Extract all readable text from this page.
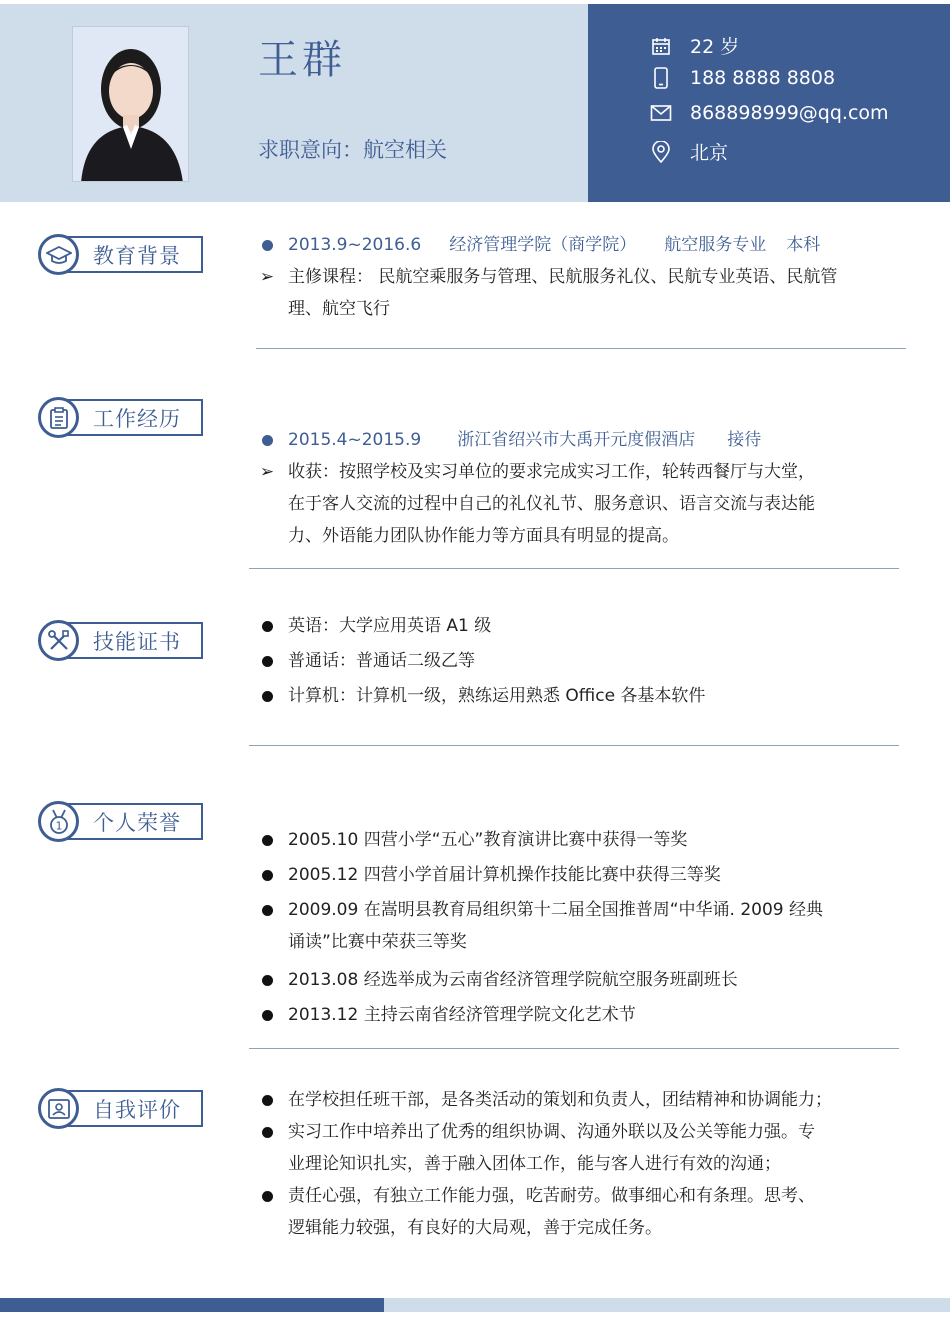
王群
求职意向：航空相关
22 岁
188 8888 8808
868898999@qq.com
北京
教育背景	2013.9~2016.6 经济管理学院（商学院） 航空服务专业 本科
➢ 主修课程： 民航空乘服务与管理、民航服务礼仪、民航专业英语、民航管
理、航空飞行
工作经历
2015.4~2015.9 浙江省绍兴市大禹开元度假酒店 接待
➢ 收获：按照学校及实习单位的要求完成实习工作，轮转西餐厅与大堂，
在于客人交流的过程中自己的礼仪礼节、服务意识、语言交流与表达能
力、外语能力团队协作能力等方面具有明显的提高。
技能证书
英语：大学应用英语 A1 级
普通话：普通话二级乙等
计算机：计算机一级，熟练运用熟悉 Office 各基本软件
1 个人荣誉
2005.10 四营小学“五心”教育演讲比赛中获得一等奖
2005.12 四营小学首届计算机操作技能比赛中获得三等奖
2009.09 在嵩明县教育局组织第十二届全国推普周“中华诵. 2009 经典
诵读”比赛中荣获三等奖
2013.08 经选举成为云南省经济管理学院航空服务班副班长
2013.12 主持云南省经济管理学院文化艺术节
自我评价	在学校担任班干部，是各类活动的策划和负责人，团结精神和协调能力；
实习工作中培养出了优秀的组织协调、沟通外联以及公关等能力强。专
业理论知识扎实，善于融入团体工作，能与客人进行有效的沟通；
责任心强，有独立工作能力强，吃苦耐劳。做事细心和有条理。思考、
逻辑能力较强，有良好的大局观，善于完成任务。
